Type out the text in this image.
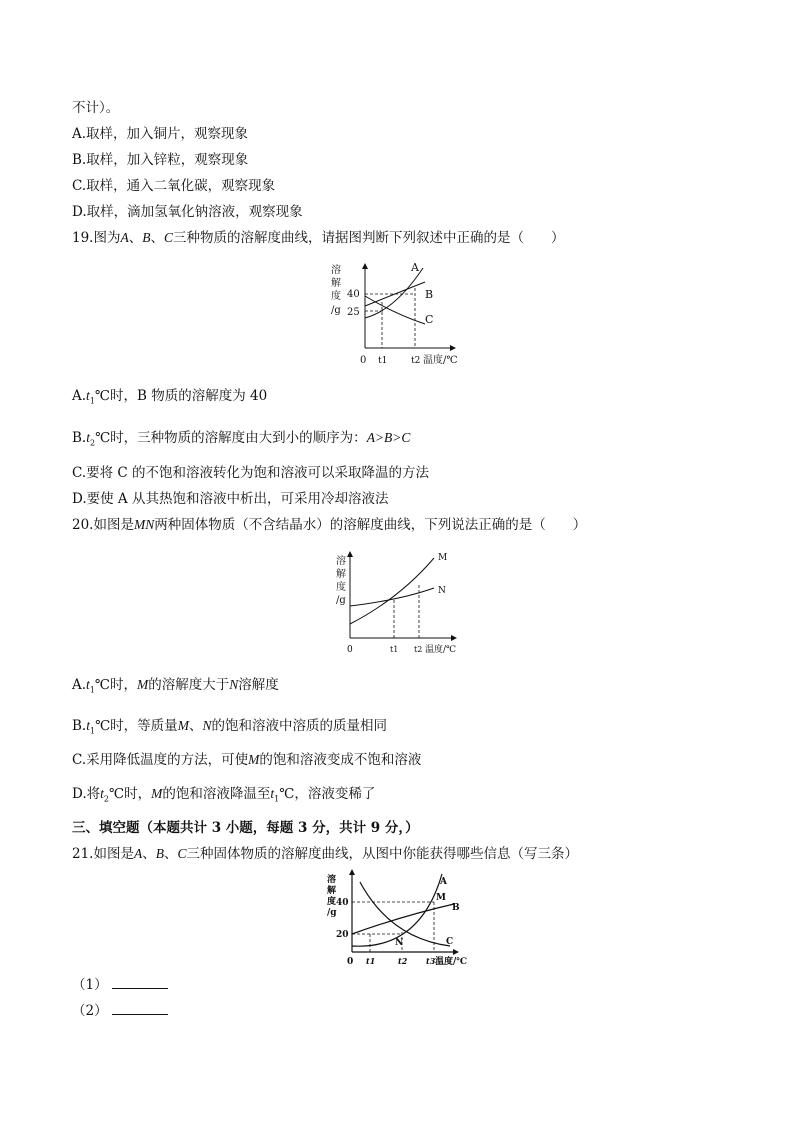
不计）。
A.取样，加入铜片，观察现象
B.取样，加入锌粒，观察现象
C.取样，通入二氧化碳，观察现象
D.取样，滴加氢氧化钠溶液，观察现象
19.图为A、B、C三种物质的溶解度曲线，请据图判断下列叙述中正确的是（　　）
溶
解
度
/g
40
25
A
B
C
0 t1	t2 温度/℃
$A.t_1℃$时，B 物质的溶解度为 40
$B.t_2℃$时，三种物质的溶解度由大到小的顺序为：A>B>C
C.要将 C 的不饱和溶液转化为饱和溶液可以采取降温的方法
D.要使 A 从其热饱和溶液中析出，可采用冷却溶液法
20.如图是MN两种固体物质（不含结晶水）的溶解度曲线，下列说法正确的是（　　）
溶
解
度
/g
M
N
0	t1 t2 温度/℃
$A.t_1℃$时，M的溶解度大于N溶解度
$B.t_1℃$时，等质量M、N的饱和溶液中溶质的质量相同
C.采用降低温度的方法，可使M的饱和溶液变成不饱和溶液
D.将$t_2℃$时，M的饱和溶液降温至$t_1℃$，溶液变稀了
三、填空题（本题共计 3 小题，每题 3 分，共计 9 分，）
21.如图是A、B、C三种固体物质的溶解度曲线，从图中你能获得哪些信息（写三条）
溶
解
度
/g
40
20
M
N
A
B
C
0 t1	t2 t3 温度/℃
（1）
（2）
